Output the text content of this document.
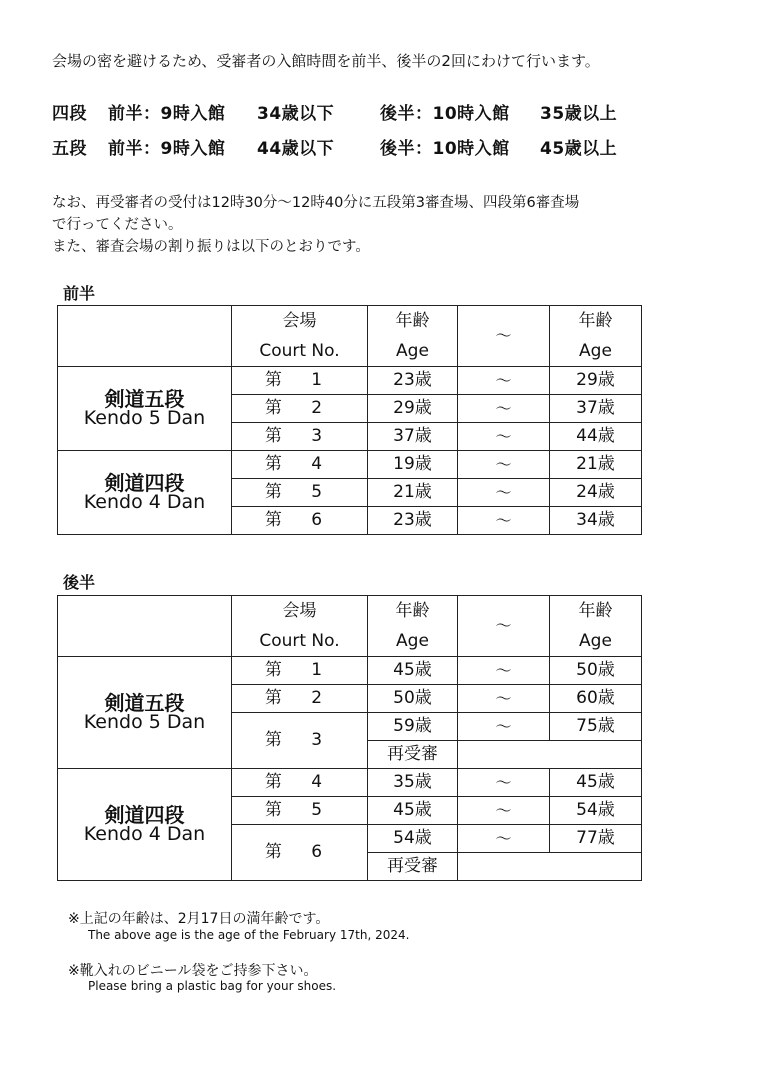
会場の密を避けるため、受審者の入館時間を前半、後半の2回にわけて行います。
四段 前半：9時入館 34歳以下	後半：10時入館 35歳以上
五段 前半：9時入館 44歳以下	後半：10時入館 45歳以上
なお、再受審者の受付は12時30分～12時40分に五段第3審査場、四段第6審査場
で行ってください。
また、審査会場の割り振りは以下のとおりです。
前半
	会場	年齢	～	年齢
	Court No.	Age		Age

剣道五段
Kendo 5 Dan	第 1	23歳	～	29歳
	第 2	29歳	～	37歳
	第 3	37歳	～	44歳

剣道四段
Kendo 4 Dan	第 4	19歳	～	21歳
	第 5	21歳	～	24歳
	第 6	23歳	～	34歳
後半
	会場	年齢	～	年齢
	Court No.	Age		Age

剣道五段
Kendo 5 Dan	第 1	45歳	～	50歳
	第 2	50歳	～	60歳
	第 3	59歳	～	75歳
		再受審		

剣道四段
Kendo 4 Dan	第 4	35歳	～	45歳
	第 5	45歳	～	54歳
	第 6	54歳	～	77歳
		再受審		
※上記の年齢は、2月17日の満年齢です。
The above age is the age of the February 17th, 2024.
※靴入れのビニール袋をご持参下さい。
Please bring a plastic bag for your shoes.
